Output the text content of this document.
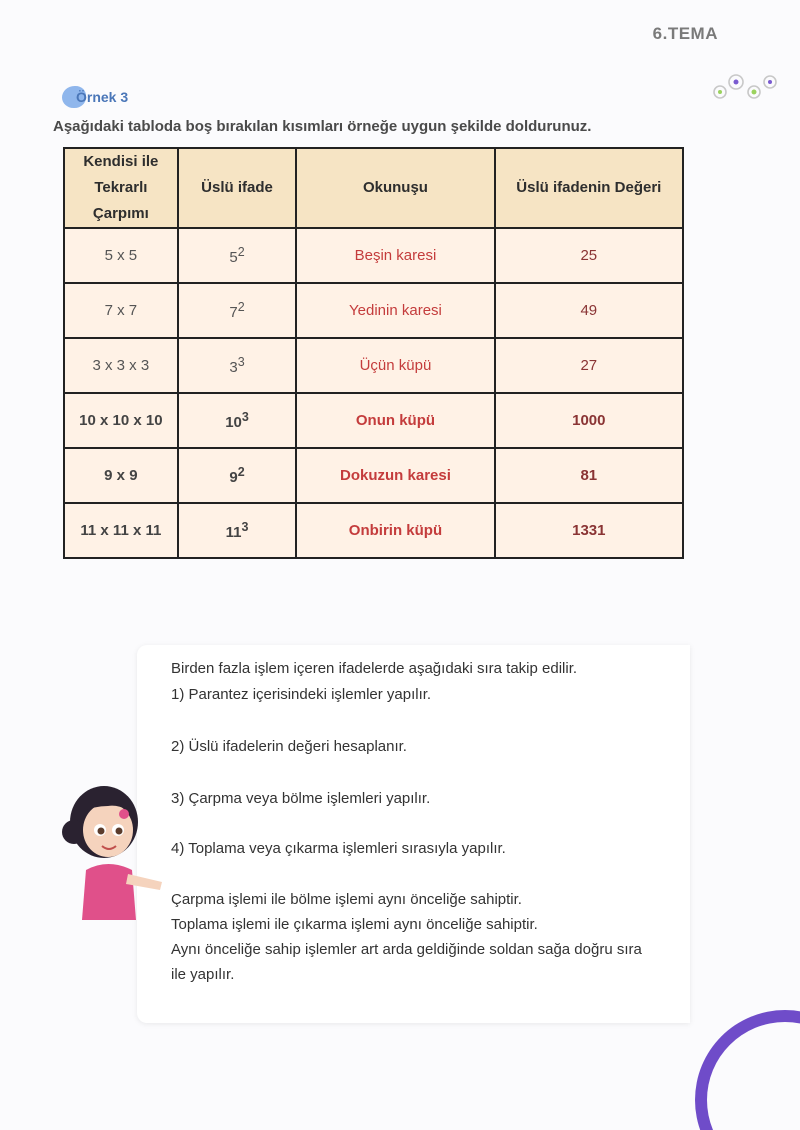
6.TEMA
Örnek 3
Aşağıdaki tabloda boş bırakılan kısımları örneğe uygun şekilde doldurunuz.
Kendisi ile
Tekrarlı
Çarpımı	Üslü ifade	Okunuşu	Üslü ifadenin Değeri
5 x 5	$5^2$	Beşin karesi	25
7 x 7	$7^2$	Yedinin karesi	49
3 x 3 x 3	$3^3$	Üçün küpü	27
10 x 10 x 10	$10^3$	Onun küpü	1000
9 x 9	$9^2$	Dokuzun karesi	81
11 x 11 x 11	$11^3$	Onbirin küpü	1331

Birden fazla işlem içeren ifadelerde aşağıdaki sıra takip edilir.

1) Parantez içerisindeki işlemler yapılır.

2) Üslü ifadelerin değeri hesaplanır.

3) Çarpma veya bölme işlemleri yapılır.

4) Toplama veya çıkarma işlemleri sırasıyla yapılır.

Çarpma işlemi ile bölme işlemi aynı önceliğe sahiptir.

Toplama işlemi ile çıkarma işlemi aynı önceliğe sahiptir.

Aynı önceliğe sahip işlemler art arda geldiğinde soldan sağa doğru sıra

ile yapılır.
